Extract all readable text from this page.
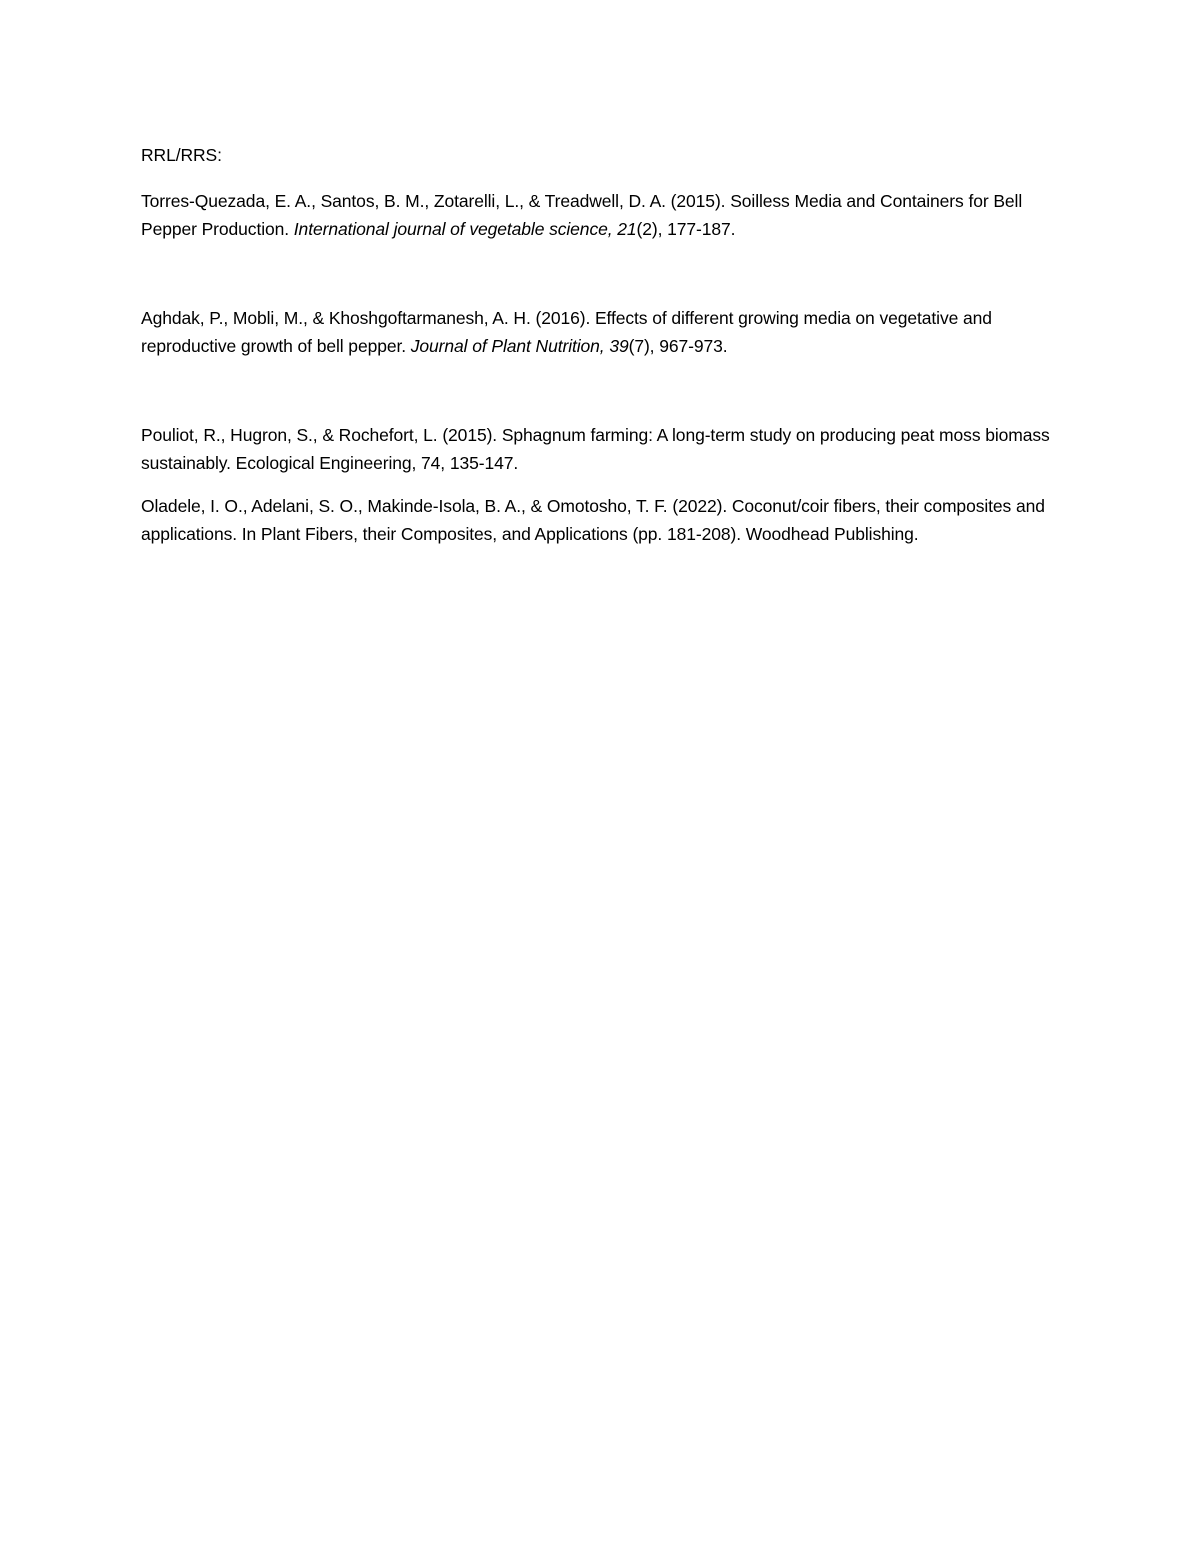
RRL/RRS:

Torres-Quezada, E. A., Santos, B. M., Zotarelli, L., & Treadwell, D. A. (2015). Soilless Media and Containers for Bell Pepper Production. International journal of vegetable science, 21(2), 177-187.

Aghdak, P., Mobli, M., & Khoshgoftarmanesh, A. H. (2016). Effects of different growing media on vegetative and reproductive growth of bell pepper. Journal of Plant Nutrition, 39(7), 967-973.

Pouliot, R., Hugron, S., & Rochefort, L. (2015). Sphagnum farming: A long-term study on producing peat moss biomass sustainably. Ecological Engineering, 74, 135-147.

Oladele, I. O., Adelani, S. O., Makinde-Isola, B. A., & Omotosho, T. F. (2022). Coconut/coir fibers, their composites and applications. In Plant Fibers, their Composites, and Applications (pp. 181-208). Woodhead Publishing.
